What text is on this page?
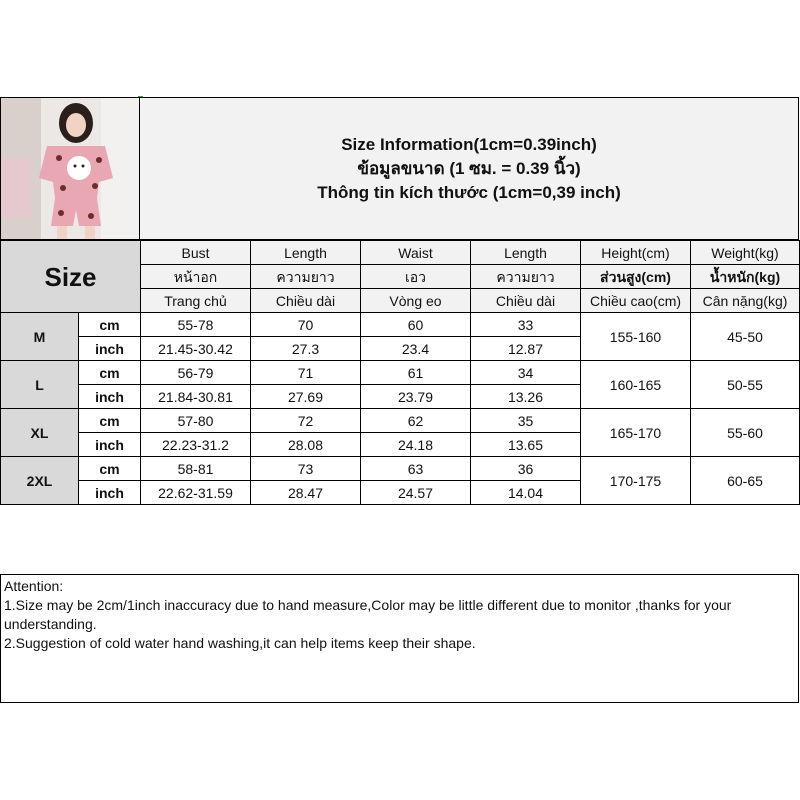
Size Information(1cm=0.39inch)
ข้อมูลขนาด (1 ซม. = 0.39 นิ้ว)
Thông tin kích thước (1cm=0,39 inch)
Size		Bust	Length	Waist	Length	Height(cm)	Weight(kg)
		หน้าอก	ความยาว	เอว	ความยาว	ส่วนสูง(cm)	น้ำหนัก(kg)
		Trang chủ	Chiều dài	Vòng eo	Chiều dài	Chiều cao(cm)	Cân nặng(kg)
M	cm	55-78	70	60	33	155-160	45-50
	inch	21.45-30.42	27.3	23.4	12.87		
L	cm	56-79	71	61	34	160-165	50-55
	inch	21.84-30.81	27.69	23.79	13.26		
XL	cm	57-80	72	62	35	165-170	55-60
	inch	22.23-31.2	28.08	24.18	13.65		
2XL	cm	58-81	73	63	36	170-175	60-65
	inch	22.62-31.59	28.47	24.57	14.04		
Attention:
1.Size may be 2cm/1inch inaccuracy due to hand measure,Color may be little different due to monitor ,thanks for your understanding.
2.Suggestion of cold water hand washing,it can help items keep their shape.
